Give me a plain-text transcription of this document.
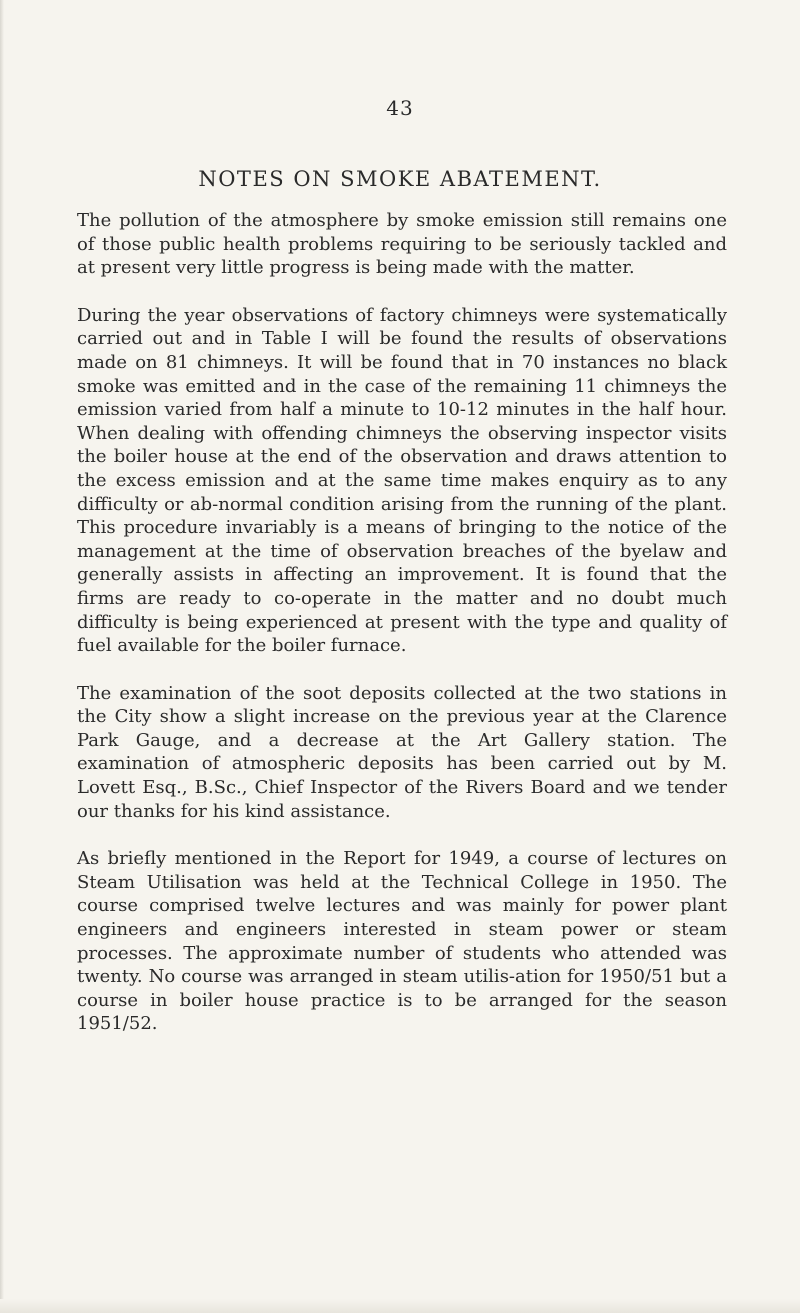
43
NOTES ON SMOKE ABATEMENT.

The pollution of the atmosphere by smoke emission still remains one of those public health problems requiring to be seriously tackled and at present very little progress is being made with the matter.

During the year observations of factory chimneys were systematically carried out and in Table I will be found the results of observations made on 81 chimneys. It will be found that in 70 instances no black smoke was emitted and in the case of the remaining 11 chimneys the emission varied from half a minute to 10-12 minutes in the half hour. When dealing with offending chimneys the observing inspector visits the boiler house at the end of the observation and draws attention to the excess emission and at the same time makes enquiry as to any difficulty or ab-normal condition arising from the running of the plant. This procedure invariably is a means of bringing to the notice of the management at the time of observation breaches of the byelaw and generally assists in affecting an improvement. It is found that the firms are ready to co-operate in the matter and no doubt much difficulty is being experienced at present with the type and quality of fuel available for the boiler furnace.

The examination of the soot deposits collected at the two stations in the City show a slight increase on the previous year at the Clarence Park Gauge, and a decrease at the Art Gallery station. The examination of atmospheric deposits has been carried out by M. Lovett Esq., B.Sc., Chief Inspector of the Rivers Board and we tender our thanks for his kind assistance.

As briefly mentioned in the Report for 1949, a course of lectures on Steam Utilisation was held at the Technical College in 1950. The course comprised twelve lectures and was mainly for power plant engineers and engineers interested in steam power or steam processes. The approximate number of students who attended was twenty. No course was arranged in steam utilis-ation for 1950/51 but a course in boiler house practice is to be arranged for the season 1951/52.
